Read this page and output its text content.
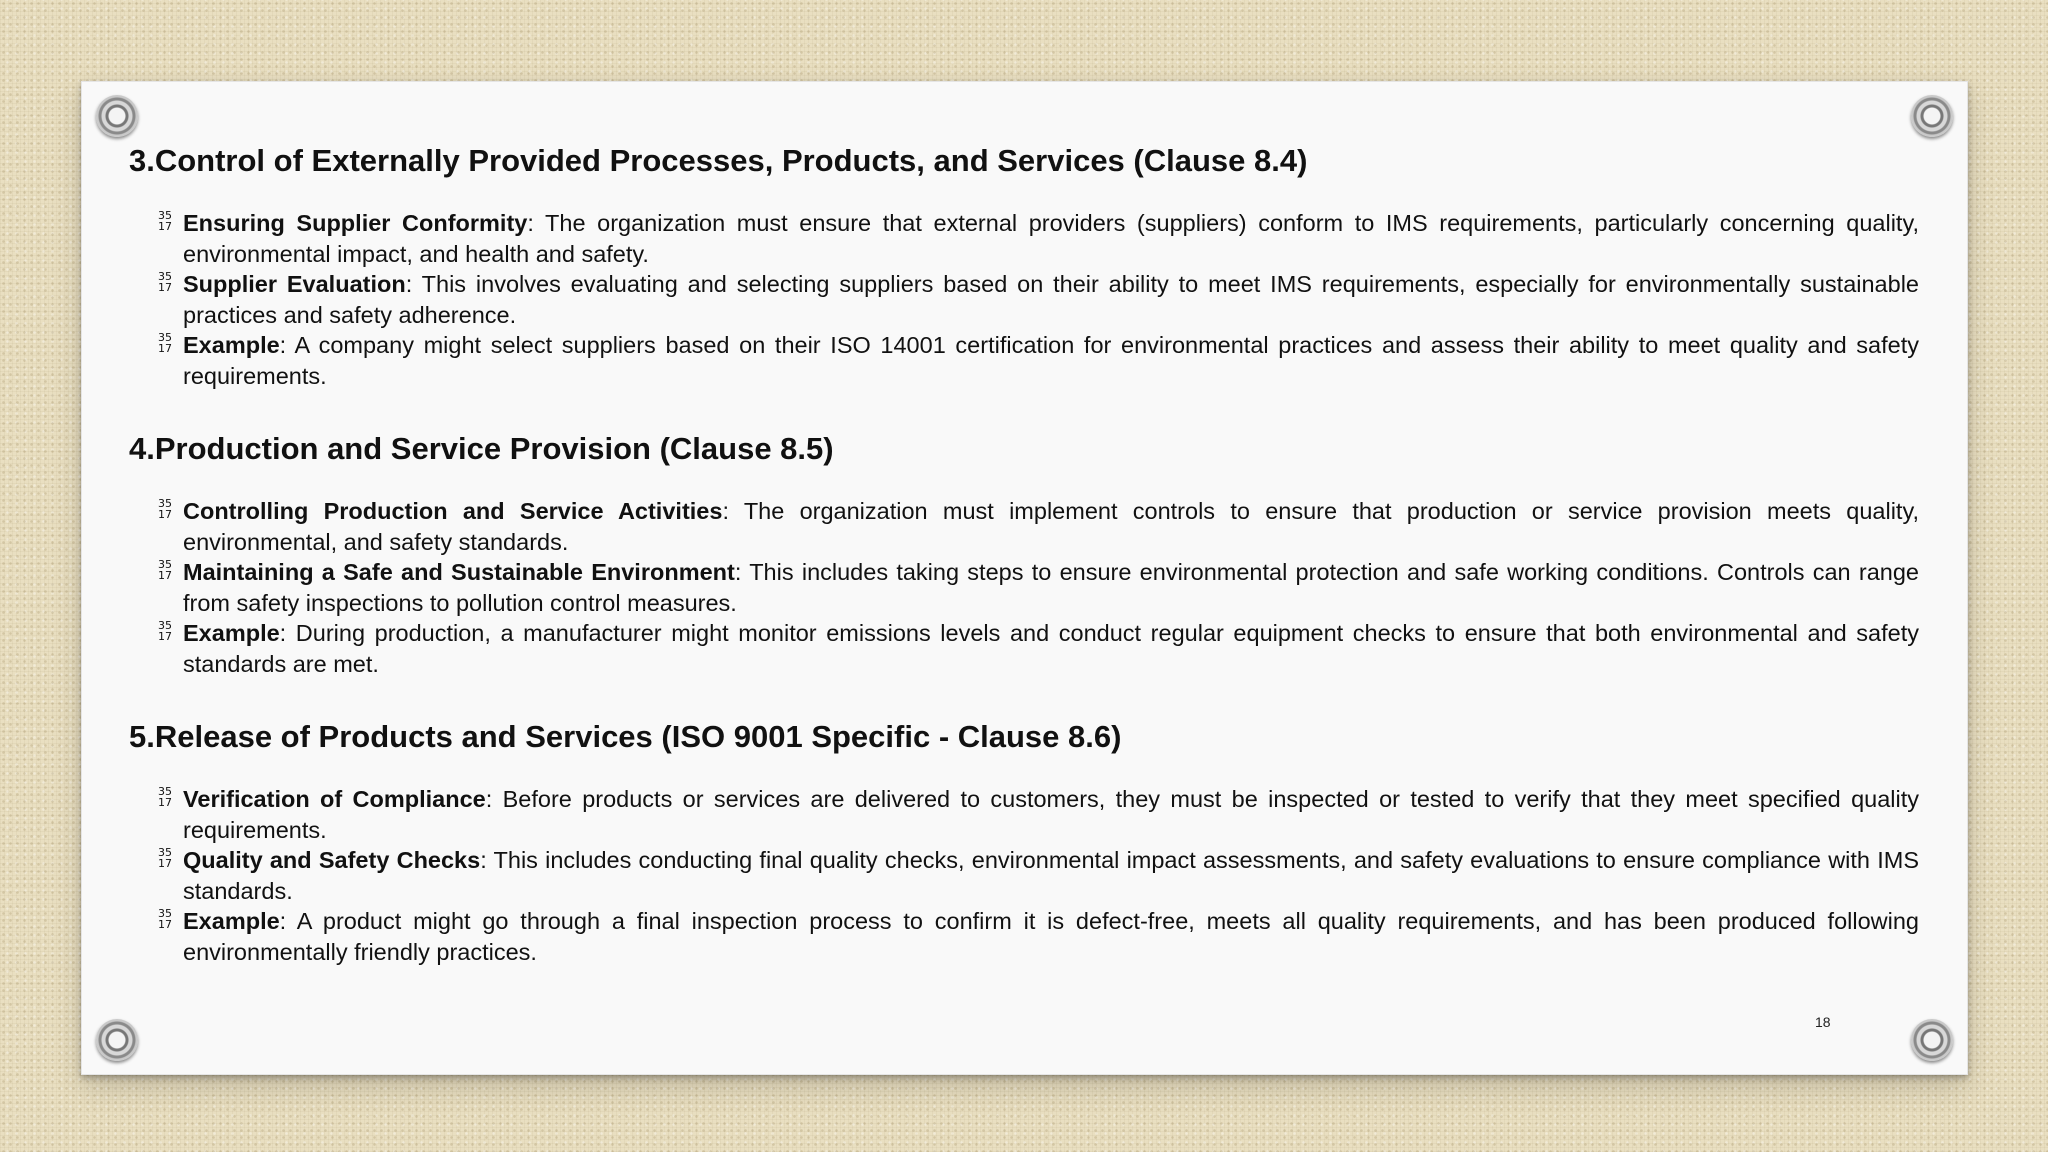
3.Control of Externally Provided Processes, Products, and Services (Clause 8.4)
35
17 Ensuring Supplier Conformity: The organization must ensure that external providers (suppliers) conform to IMS requirements, particularly concerning quality, environmental impact, and health and safety.
35
17 Supplier Evaluation: This involves evaluating and selecting suppliers based on their ability to meet IMS requirements, especially for environmentally sustainable practices and safety adherence.
35
17 Example: A company might select suppliers based on their ISO 14001 certification for environmental practices and assess their ability to meet quality and safety requirements.
4.Production and Service Provision (Clause 8.5)
35
17 Controlling Production and Service Activities: The organization must implement controls to ensure that production or service provision meets quality, environmental, and safety standards.
35
17 Maintaining a Safe and Sustainable Environment: This includes taking steps to ensure environmental protection and safe working conditions. Controls can range from safety inspections to pollution control measures.
35
17 Example: During production, a manufacturer might monitor emissions levels and conduct regular equipment checks to ensure that both environmental and safety standards are met.
5.Release of Products and Services (ISO 9001 Specific - Clause 8.6)
35
17 Verification of Compliance: Before products or services are delivered to customers, they must be inspected or tested to verify that they meet specified quality requirements.
35
17 Quality and Safety Checks: This includes conducting final quality checks, environmental impact assessments, and safety evaluations to ensure compliance with IMS standards.
35
17 Example: A product might go through a final inspection process to confirm it is defect-free, meets all quality requirements, and has been produced following environmentally friendly practices.
18
